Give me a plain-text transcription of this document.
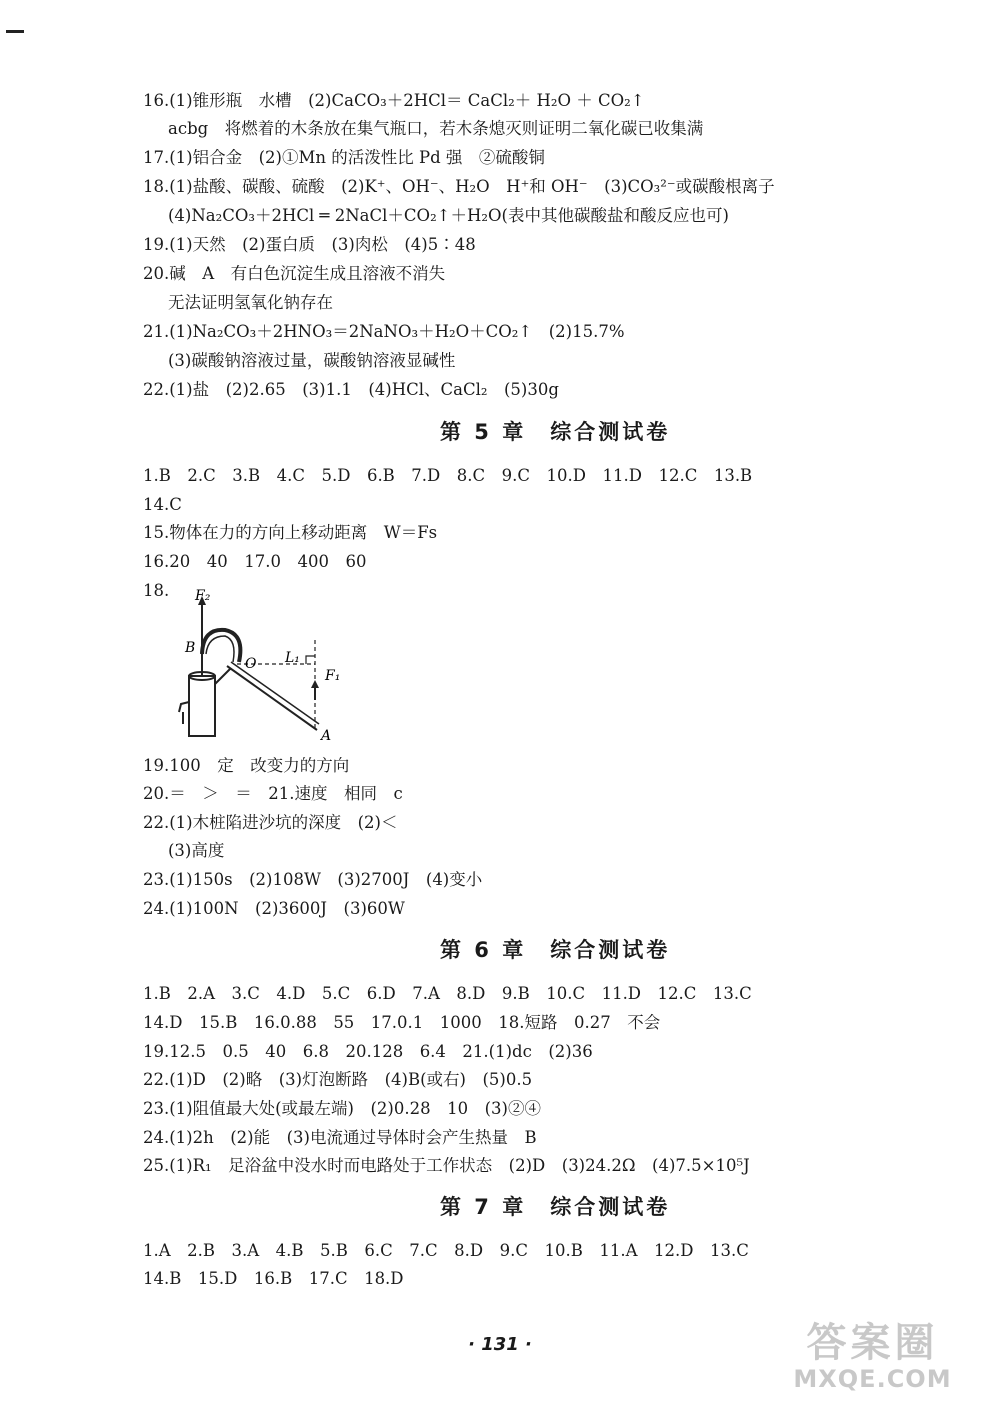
16.(1)锥形瓶　水槽　(2)CaCO₃＋2HCl＝ CaCl₂＋ H₂O ＋ CO₂↑
acbg　将燃着的木条放在集气瓶口，若木条熄灭则证明二氧化碳已收集满
17.(1)铝合金　(2)①Mn 的活泼性比 Pd 强　②硫酸铜
18.(1)盐酸、碳酸、硫酸　(2)K⁺、OH⁻、H₂O　H⁺和 OH⁻　(3)CO₃²⁻或碳酸根离子
(4)Na₂CO₃＋2HCl ═ 2NaCl＋CO₂↑＋H₂O(表中其他碳酸盐和酸反应也可)
19.(1)天然　(2)蛋白质　(3)肉松　(4)5∶48
20.碱　A　有白色沉淀生成且溶液不消失
无法证明氢氧化钠存在
21.(1)Na₂CO₃＋2HNO₃＝2NaNO₃＋H₂O＋CO₂↑　(2)15.7%
(3)碳酸钠溶液过量，碳酸钠溶液显碱性
22.(1)盐　(2)2.65　(3)1.1　(4)HCl、CaCl₂　(5)30g
1.B　2.C　3.B　4.C　5.D　6.B　7.D　8.C　9.C　10.D　11.D　12.C　13.B
14.C
15.物体在力的方向上移动距离　W＝Fs
16.20　40　17.0　400　60
18.
19.100　定　改变力的方向
20.＝　＞　＝　21.速度　相同　c
22.(1)木桩陷进沙坑的深度　(2)＜
(3)高度
23.(1)150s　(2)108W　(3)2700J　(4)变小
24.(1)100N　(2)3600J　(3)60W
1.B　2.A　3.C　4.D　5.C　6.D　7.A　8.D　9.B　10.C　11.D　12.C　13.C
14.D　15.B　16.0.88　55　17.0.1　1000　18.短路　0.27　不会
19.12.5　0.5　40　6.8　20.128　6.4　21.(1)dc　(2)36
22.(1)D　(2)略　(3)灯泡断路　(4)B(或右)　(5)0.5
23.(1)阻值最大处(或最左端)　(2)0.28　10　(3)②④
24.(1)2h　(2)能　(3)电流通过导体时会产生热量　B
25.(1)R₁　足浴盆中没水时而电路处于工作状态　(2)D　(3)24.2Ω　(4)7.5×10⁵J
1.A　2.B　3.A　4.B　5.B　6.C　7.C　8.D　9.C　10.B　11.A　12.D　13.C
14.B　15.D　16.B　17.C　18.D
第 5 章　综合测试卷
第 6 章　综合测试卷
第 7 章　综合测试卷
F₂
B
O L₁
F₁
A
· 131 ·	答案圈
MXQE.COM
